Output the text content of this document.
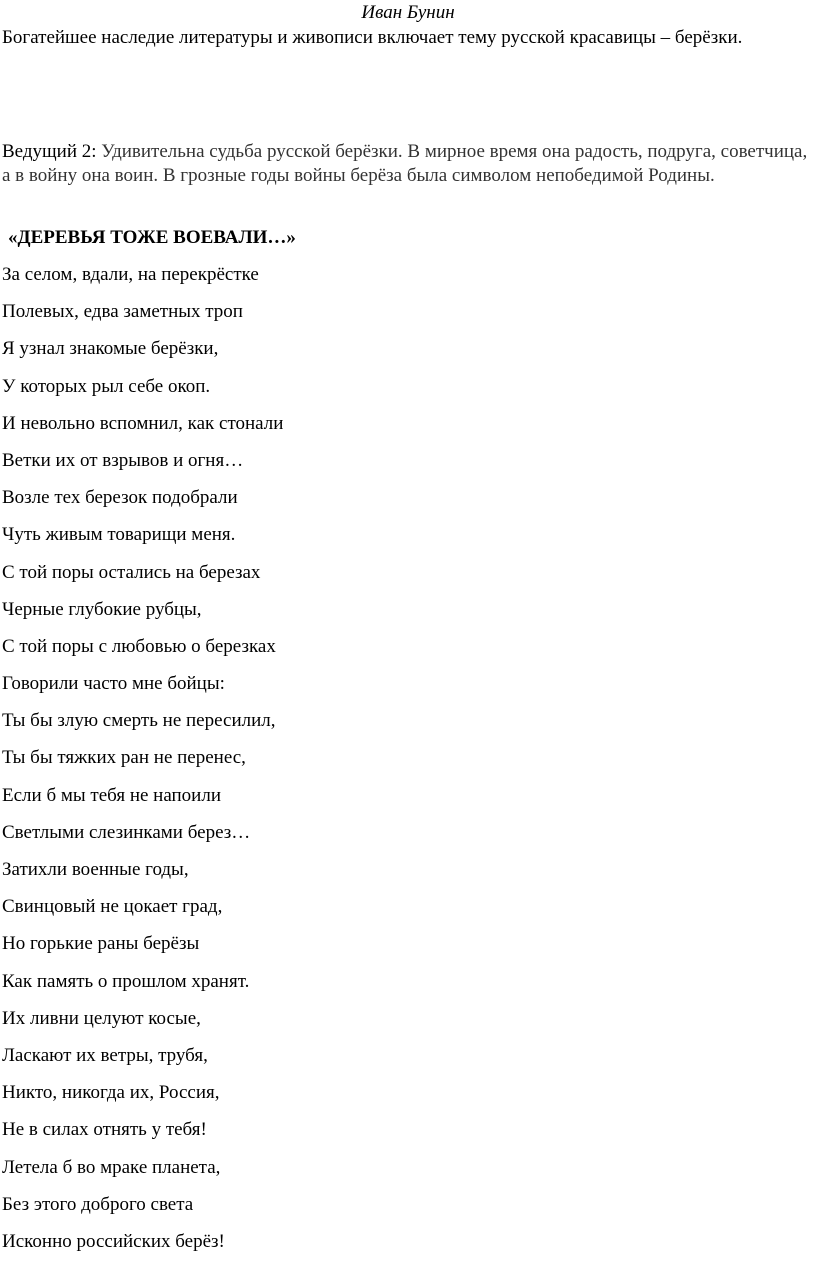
Иван Бунин
Богатейшее наследие литературы и живописи включает тему русской красавицы – берёзки.
Ведущий 2: Удивительна судьба русской берёзки. В мирное время она радость, подруга, советчица, а в войну она воин. В грозные годы войны берёза была символом непобедимой Родины.
«ДЕРЕВЬЯ ТОЖЕ ВОЕВАЛИ…»
За селом, вдали, на перекрёстке
Полевых, едва заметных троп
Я узнал знакомые берёзки,
У которых рыл себе окоп.
И невольно вспомнил, как стонали
Ветки их от взрывов и огня…
Возле тех березок подобрали
Чуть живым товарищи меня.
С той поры остались на березах
Черные глубокие рубцы,
С той поры с любовью о березках
Говорили часто мне бойцы:
Ты бы злую смерть не пересилил,
Ты бы тяжких ран не перенес,
Если б мы тебя не напоили
Светлыми слезинками берез…
Затихли военные годы,
Свинцовый не цокает град,
Но горькие раны берёзы
Как память о прошлом хранят.
Их ливни целуют косые,
Ласкают их ветры, трубя,
Никто, никогда их, Россия,
Не в силах отнять у тебя!
Летела б во мраке планета,
Без этого доброго света
Исконно российских берёз!
